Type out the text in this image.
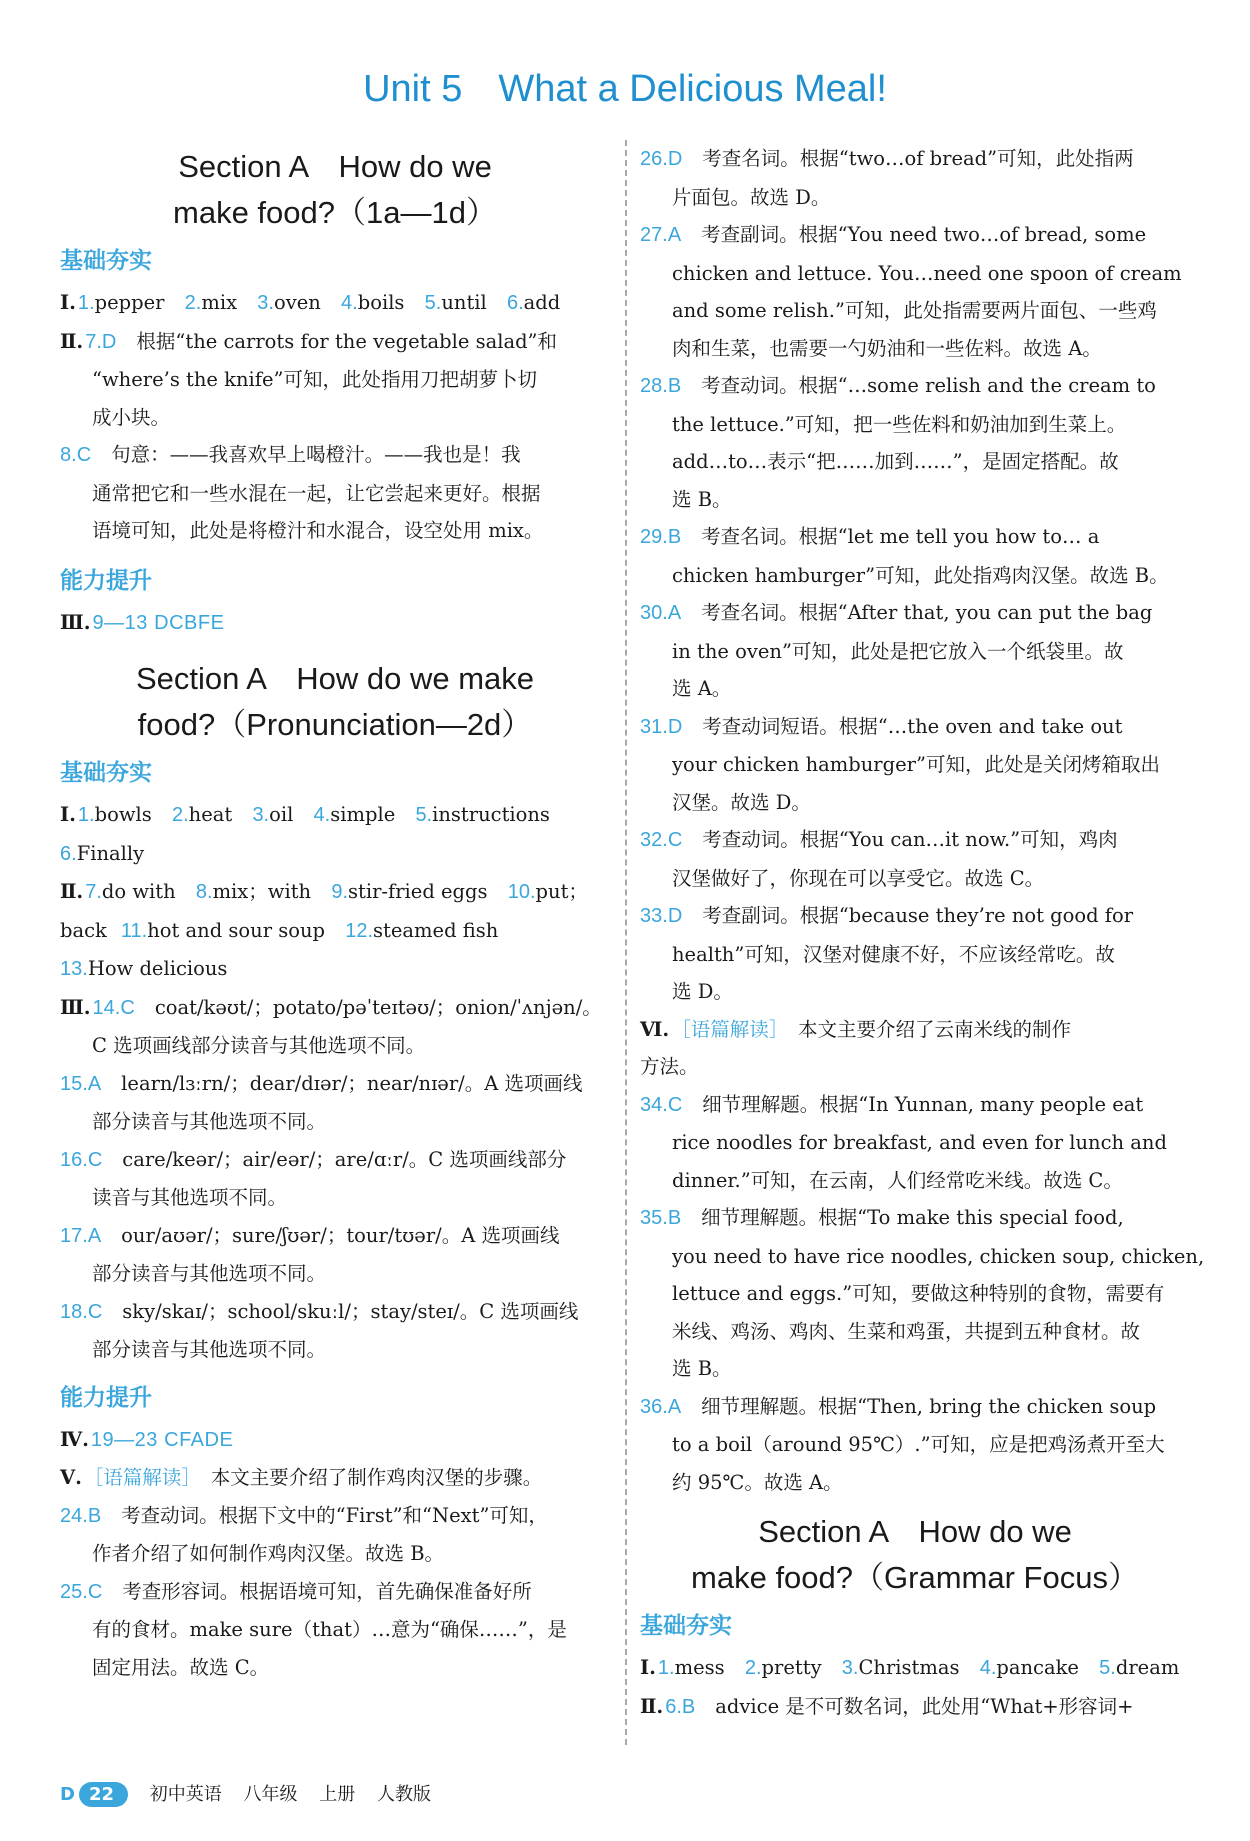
Unit 5 What a Delicious Meal!
Section A　How do we
make food?（1a—1d）
基础夯实
Ⅰ. 1.pepper 2.mix 3.oven 4.boils 5.until 6.add
Ⅱ. 7.D　 根据“the carrots for the vegetable salad”和
“where’s the knife”可知，此处指用刀把胡萝卜切
成小块。
8.C　 句意：——我喜欢早上喝橙汁。——我也是！我
通常把它和一些水混在一起，让它尝起来更好。根据
语境可知，此处是将橙汁和水混合，设空处用 mix。
能力提升
Ⅲ. 9—13 DCBFE
Section A　How do we make
food?（Pronunciation—2d）
基础夯实
Ⅰ. 1.bowls 2.heat 3.oil 4.simple 5.instructions
6.Finally
Ⅱ. 7.do with 8.mix；with 9.stir-fried eggs 10.put；
back 11.hot and sour soup 12.steamed fish
13.How delicious
Ⅲ. 14.C　 coat/kəʊt/；potato/pəˈteɪtəʊ/；onion/ˈʌnjən/。
C 选项画线部分读音与其他选项不同。
15.A　 learn/lɜːrn/；dear/dɪər/；near/nɪər/。A 选项画线
部分读音与其他选项不同。
16.C　 care/keər/；air/eər/；are/ɑːr/。C 选项画线部分
读音与其他选项不同。
17.A　 our/aʊər/；sure/ʃʊər/；tour/tʊər/。A 选项画线
部分读音与其他选项不同。
18.C　 sky/skaɪ/；school/skuːl/；stay/steɪ/。C 选项画线
部分读音与其他选项不同。
能力提升
Ⅳ. 19—23 CFADE
Ⅴ. ［语篇解读］　 本文主要介绍了制作鸡肉汉堡的步骤。
24.B　 考查动词。根据下文中的“First”和“Next”可知，
作者介绍了如何制作鸡肉汉堡。故选 B。
25.C　 考查形容词。根据语境可知，首先确保准备好所
有的食材。make sure（that）…意为“确保……”，是
固定用法。故选 C。
26.D　 考查名词。根据“two…of bread”可知，此处指两
片面包。故选 D。
27.A　 考查副词。根据“You need two…of bread, some
chicken and lettuce. You…need one spoon of cream
and some relish.”可知，此处指需要两片面包、一些鸡
肉和生菜，也需要一勺奶油和一些佐料。故选 A。
28.B　 考查动词。根据“…some relish and the cream to
the lettuce.”可知，把一些佐料和奶油加到生菜上。
add…to…表示“把……加到……”，是固定搭配。故
选 B。
29.B　 考查名词。根据“let me tell you how to… a
chicken hamburger”可知，此处指鸡肉汉堡。故选 B。
30.A　 考查名词。根据“After that, you can put the bag
in the oven”可知，此处是把它放入一个纸袋里。故
选 A。
31.D　 考查动词短语。根据“…the oven and take out
your chicken hamburger”可知，此处是关闭烤箱取出
汉堡。故选 D。
32.C　 考查动词。根据“You can…it now.”可知，鸡肉
汉堡做好了，你现在可以享受它。故选 C。
33.D　 考查副词。根据“because they’re not good for
health”可知，汉堡对健康不好，不应该经常吃。故
选 D。
Ⅵ. ［语篇解读］　 本文主要介绍了云南米线的制作
方法。
34.C　 细节理解题。根据“In Yunnan, many people eat
rice noodles for breakfast, and even for lunch and
dinner.”可知，在云南，人们经常吃米线。故选 C。
35.B　 细节理解题。根据“To make this special food,
you need to have rice noodles, chicken soup, chicken,
lettuce and eggs.”可知，要做这种特别的食物，需要有
米线、鸡汤、鸡肉、生菜和鸡蛋，共提到五种食材。故
选 B。
36.A　 细节理解题。根据“Then, bring the chicken soup
to a boil（around 95℃）.”可知，应是把鸡汤煮开至大
约 95℃。故选 A。
Section A　How do we
make food?（Grammar Focus）
基础夯实
Ⅰ. 1.mess 2.pretty 3.Christmas 4.pancake 5.dream
Ⅱ. 6.B　 advice 是不可数名词，此处用“What+形容词+
D 22 初中英语 八年级 上册 人教版
